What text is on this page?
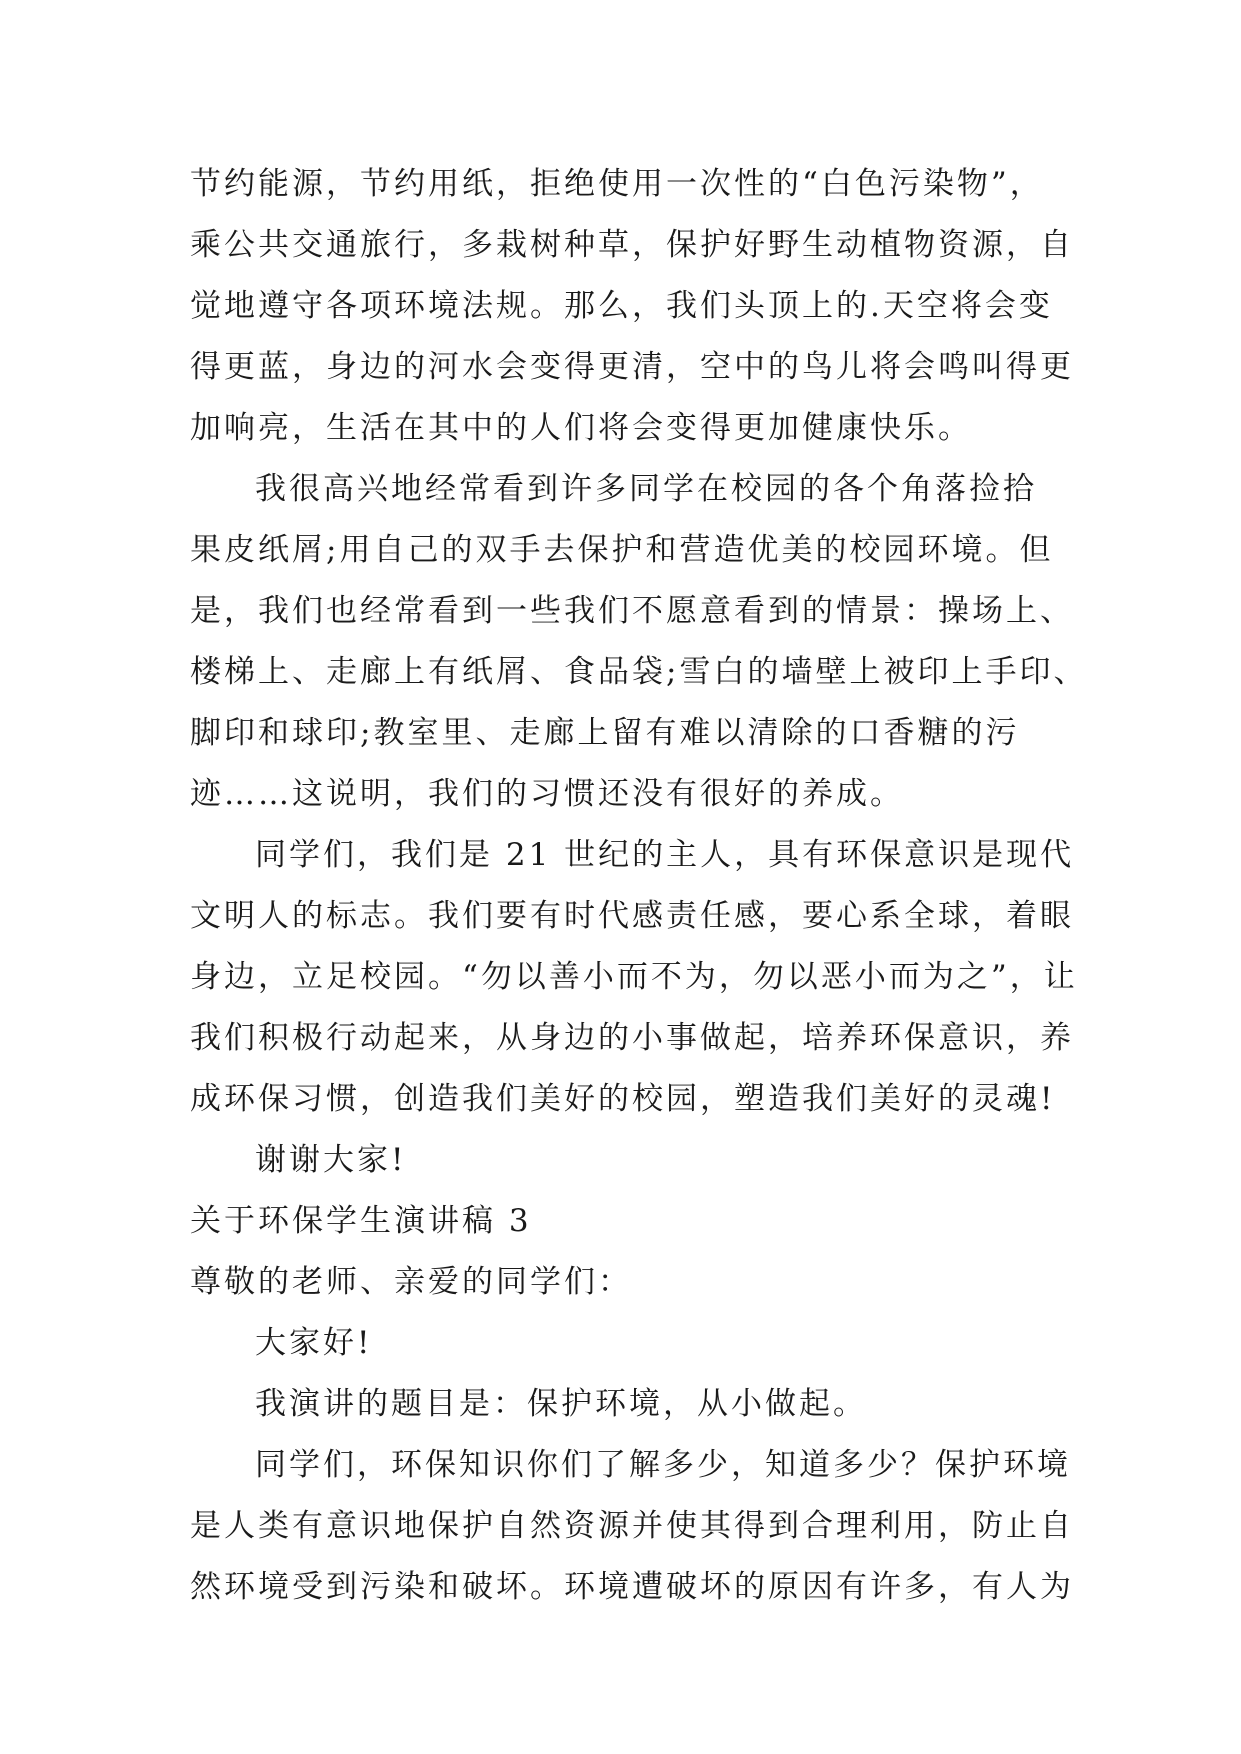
节约能源，节约用纸，拒绝使用一次性的“白色污染物”，
乘公共交通旅行，多栽树种草，保护好野生动植物资源，自
觉地遵守各项环境法规。那么，我们头顶上的.天空将会变
得更蓝，身边的河水会变得更清，空中的鸟儿将会鸣叫得更
加响亮，生活在其中的人们将会变得更加健康快乐。
我很高兴地经常看到许多同学在校园的各个角落捡拾
果皮纸屑;用自己的双手去保护和营造优美的校园环境。但
是，我们也经常看到一些我们不愿意看到的情景：操场上、
楼梯上、走廊上有纸屑、食品袋;雪白的墙壁上被印上手印、
脚印和球印;教室里、走廊上留有难以清除的口香糖的污
迹……这说明，我们的习惯还没有很好的养成。
同学们，我们是 21 世纪的主人，具有环保意识是现代
文明人的标志。我们要有时代感责任感，要心系全球，着眼
身边，立足校园。“勿以善小而不为，勿以恶小而为之”，让
我们积极行动起来，从身边的小事做起，培养环保意识，养
成环保习惯，创造我们美好的校园，塑造我们美好的灵魂!
谢谢大家!
关于环保学生演讲稿 3
尊敬的老师、亲爱的同学们：
大家好!
我演讲的题目是：保护环境，从小做起。
同学们，环保知识你们了解多少，知道多少？保护环境
是人类有意识地保护自然资源并使其得到合理利用，防止自
然环境受到污染和破坏。环境遭破坏的原因有许多，有人为
